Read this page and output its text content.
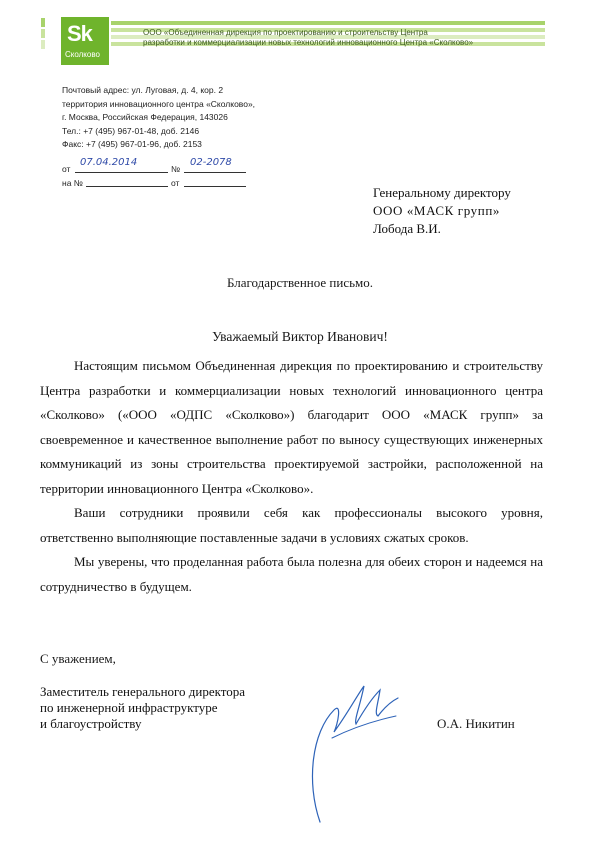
Sk
Сколково
ООО «Объединенная дирекция по проектированию и строительству Центра
разработки и коммерциализации новых технологий инновационного Центра «Сколково»
Почтовый адрес: ул. Луговая, д. 4, кор. 2
территория инновационного центра «Сколково»,
г. Москва, Российская Федерация, 143026
Тел.: +7 (495) 967-01-48, доб. 2146
Факс: +7 (495) 967-01-96, доб. 2153
от
07.04.2014
№
02-2078
на №	от
Генеральному директору
ООО «МАСК групп»
Лобода В.И.
Благодарственное письмо.
Уважаемый Виктор Иванович!

Настоящим письмом Объединенная дирекция по проектированию и строительству Центра разработки и коммерциализации новых технологий инновационного центра «Сколково» («ООО «ОДПС «Сколково») благодарит ООО «МАСК групп» за своевременное и качественное выполнение работ по выносу существующих инженерных коммуникаций из зоны строительства проектируемой застройки, расположенной на территории инновационного Центра «Сколково».

Ваши сотрудники проявили себя как профессионалы высокого уровня, ответственно выполняющие поставленные задачи в условиях сжатых сроков.

Мы уверены, что проделанная работа была полезна для обеих сторон и надеемся на сотрудничество в будущем.

С уважением,
Заместитель генерального директора
по инженерной инфраструктуре
и благоустройству	О.А. Никитин
